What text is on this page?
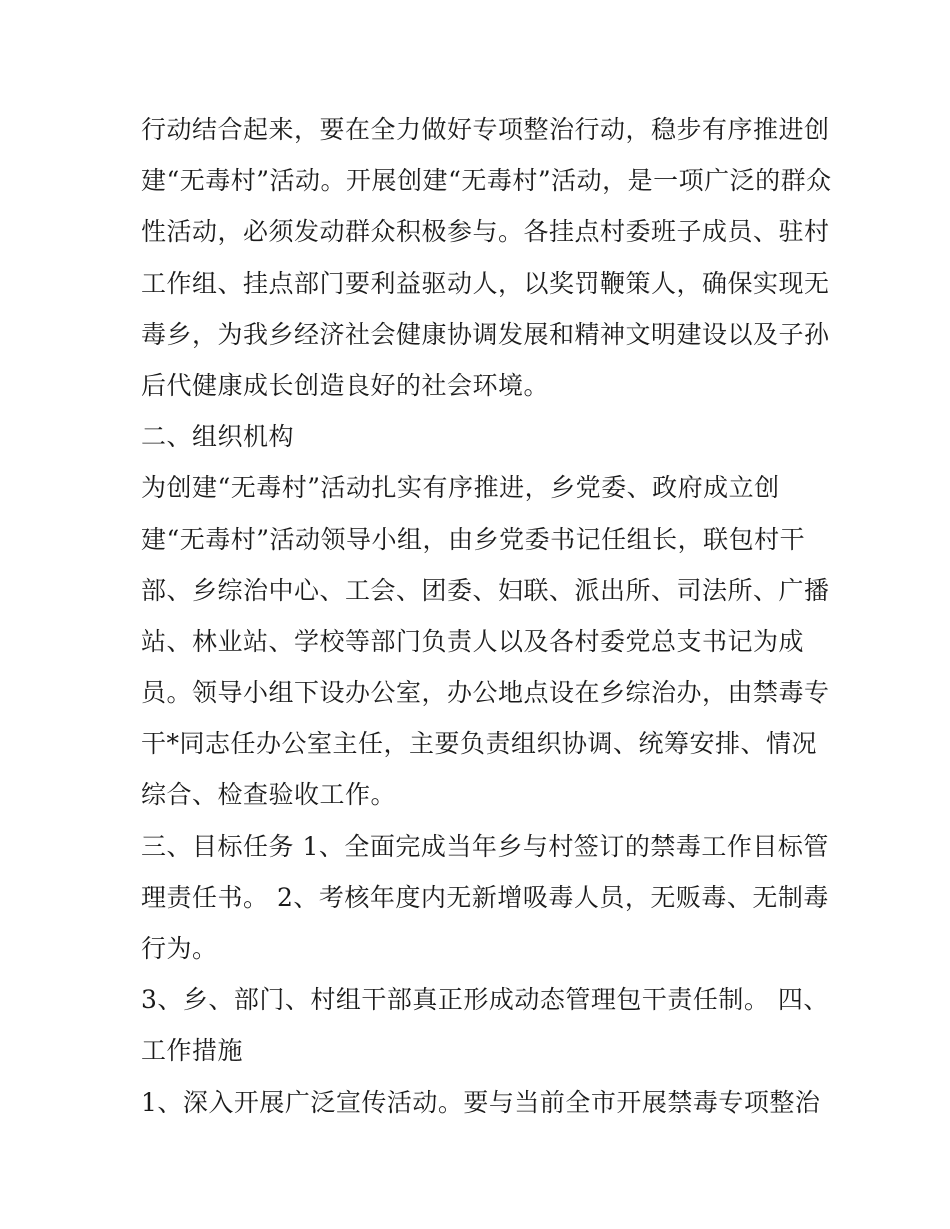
行动结合起来，要在全力做好专项整治行动，稳步有序推进创
建“无毒村”活动。开展创建“无毒村”活动，是一项广泛的群众
性活动，必须发动群众积极参与。各挂点村委班子成员、驻村
工作组、挂点部门要利益驱动人，以奖罚鞭策人，确保实现无
毒乡，为我乡经济社会健康协调发展和精神文明建设以及子孙
后代健康成长创造良好的社会环境。
二、组织机构
为创建“无毒村”活动扎实有序推进，乡党委、政府成立创
建“无毒村”活动领导小组，由乡党委书记任组长，联包村干
部、乡综治中心、工会、团委、妇联、派出所、司法所、广播
站、林业站、学校等部门负责人以及各村委党总支书记为成
员。领导小组下设办公室，办公地点设在乡综治办，由禁毒专
干*同志任办公室主任，主要负责组织协调、统筹安排、情况
综合、检查验收工作。
三、目标任务 1、全面完成当年乡与村签订的禁毒工作目标管
理责任书。 2、考核年度内无新增吸毒人员，无贩毒、无制毒
行为。
3、乡、部门、村组干部真正形成动态管理包干责任制。 四、
工作措施
1、深入开展广泛宣传活动。要与当前全市开展禁毒专项整治
